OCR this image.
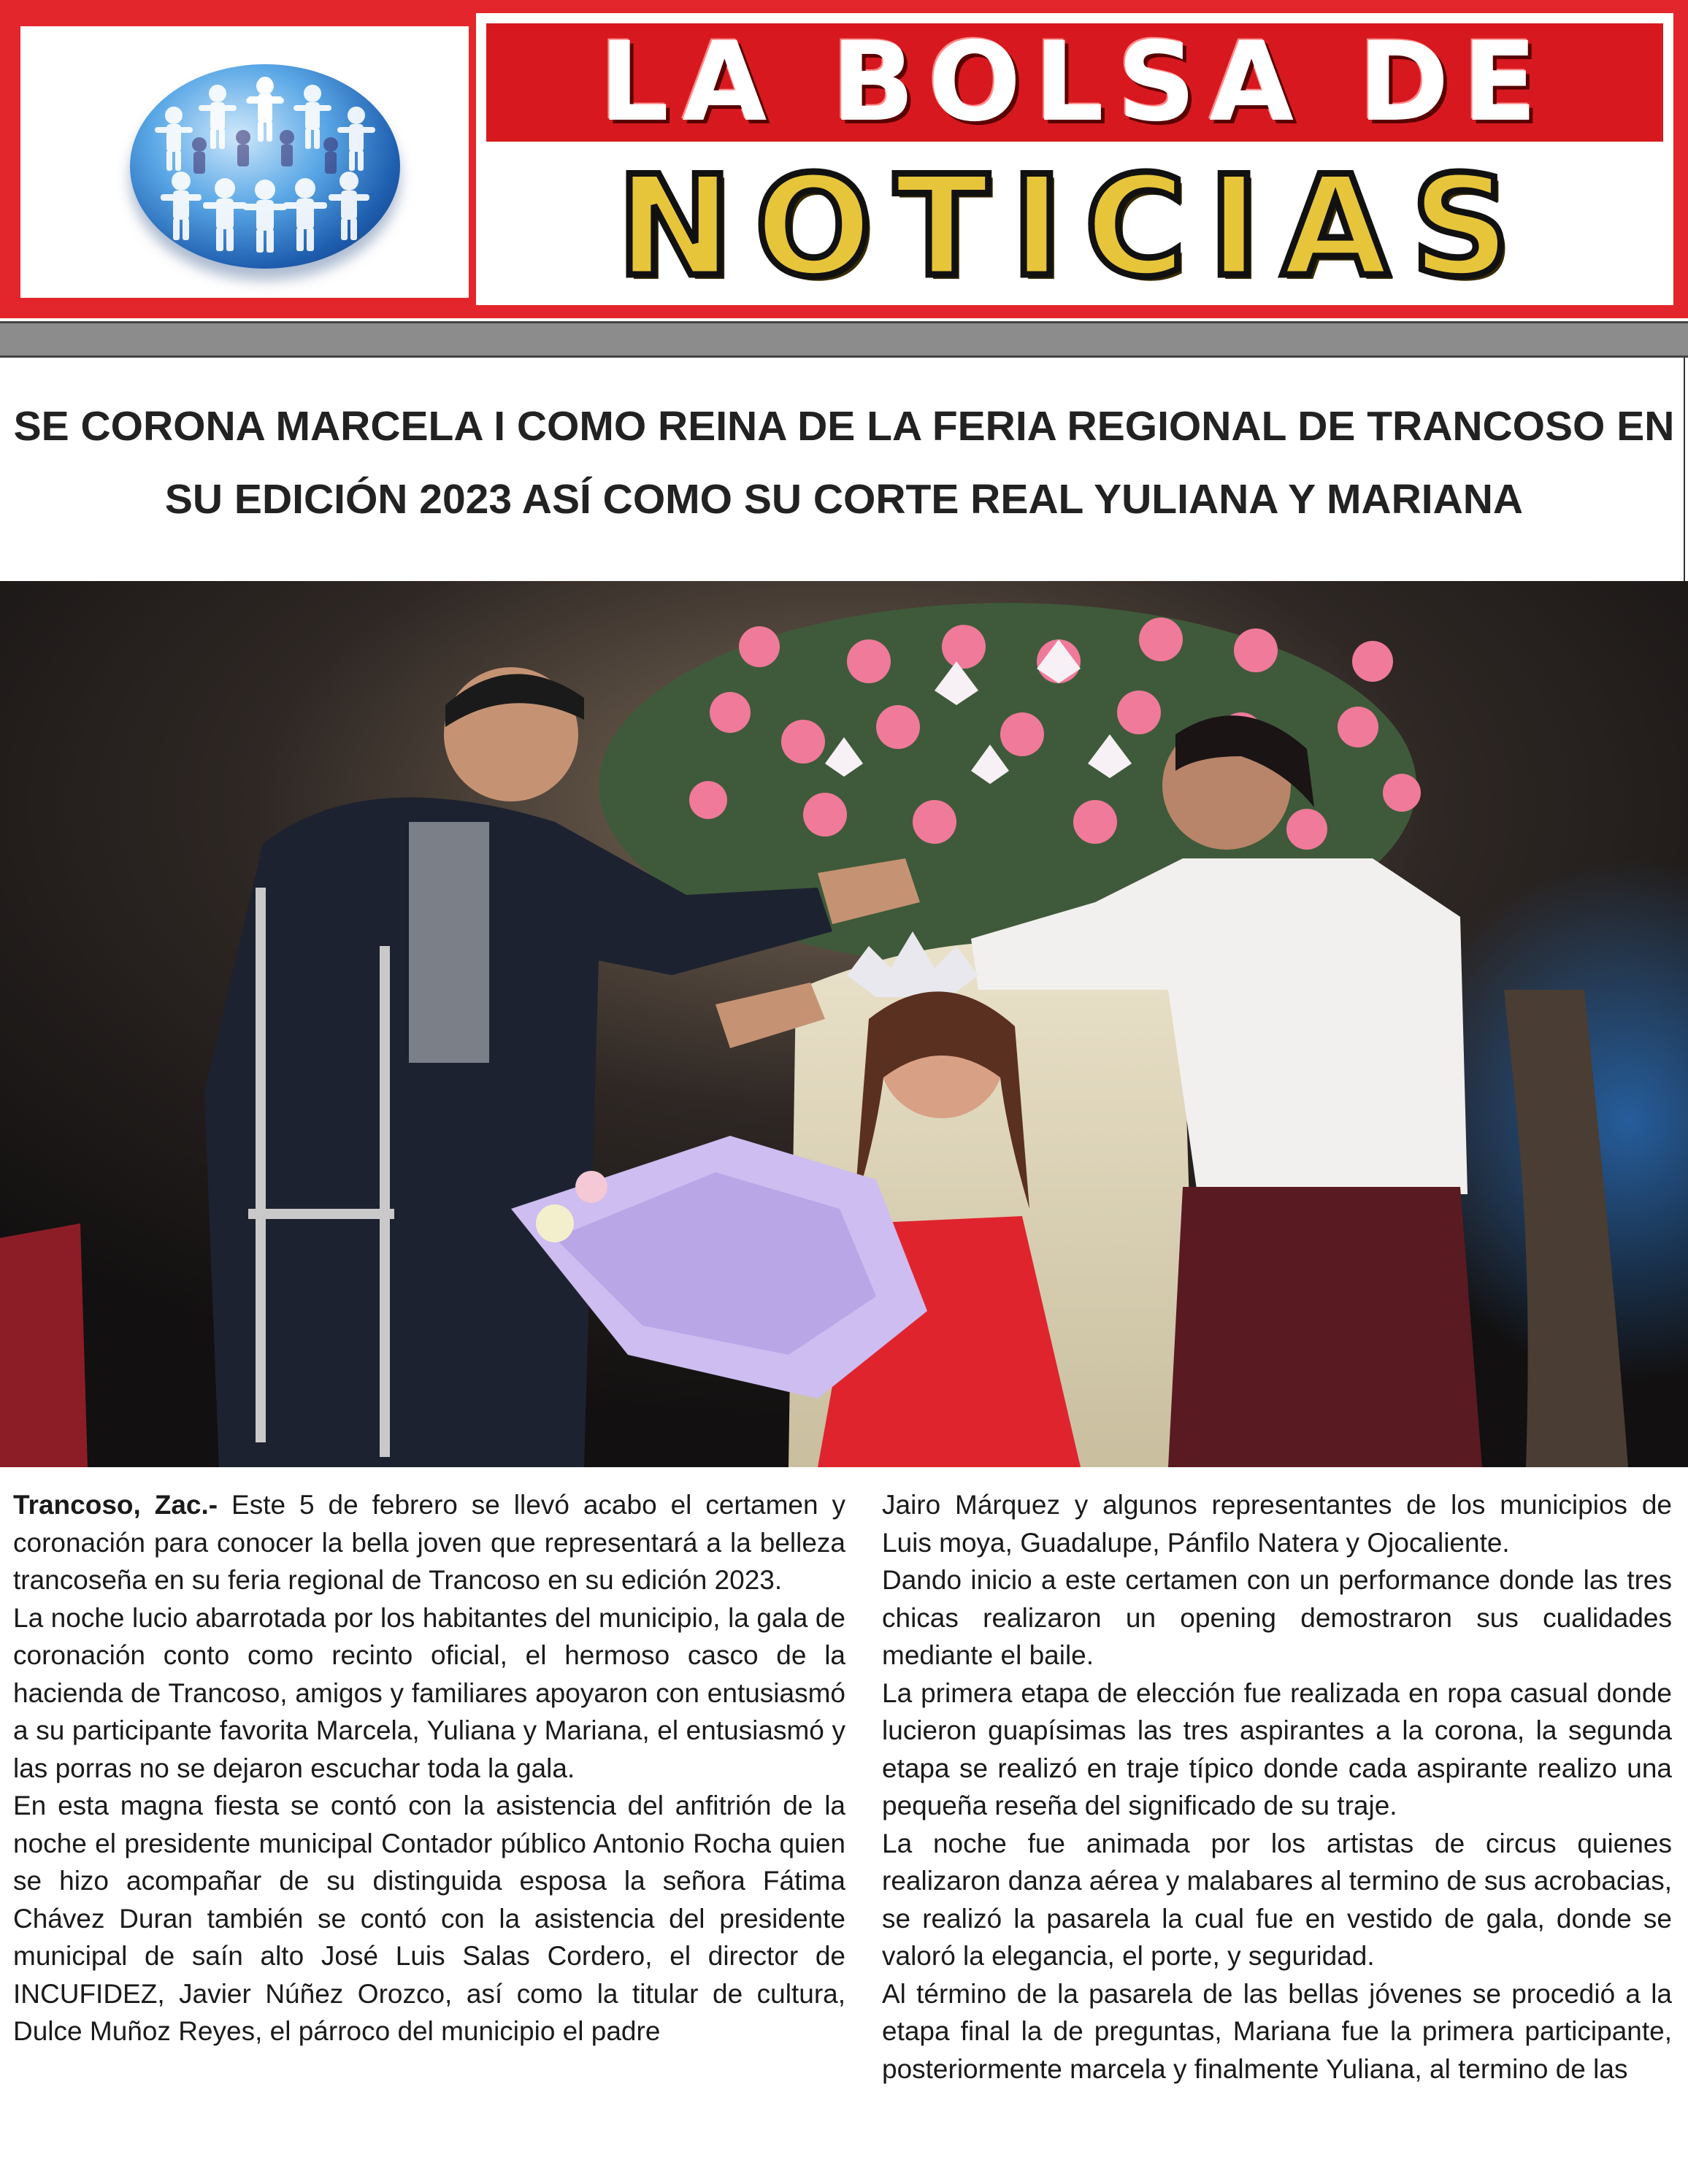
LA BOLSA DE
NOTICIAS
SE CORONA MARCELA I COMO REINA DE LA FERIA REGIONAL DE TRANCOSO EN
SU EDICIÓN 2023 ASÍ COMO SU CORTE REAL YULIANA Y MARIANA

Trancoso, Zac.- Este 5 de febrero se llevó acabo el certamen y coronación para conocer la bella joven que representará a la belleza trancoseña en su feria regional de Trancoso en su edición 2023.

La noche lucio abarrotada por los habitantes del municipio, la gala de coronación conto como recinto oficial, el hermoso casco de la hacienda de Trancoso, amigos y familiares apoyaron con entusiasmó a su participante favorita Marcela, Yuliana y Mariana, el entusiasmó y las porras no se dejaron escuchar toda la gala.

En esta magna fiesta se contó con la asistencia del anfitrión de la noche el presidente municipal Contador público Antonio Rocha quien se hizo acompañar de su distinguida esposa la señora Fátima Chávez Duran también se contó con la asistencia del presidente municipal de saín alto José Luis Salas Cordero, el director de INCUFIDEZ, Javier Núñez Orozco, así como la titular de cultura, Dulce Muñoz Reyes, el párroco del municipio el padre

Jairo Márquez y algunos representantes de los municipios de Luis moya, Guadalupe, Pánfilo Natera y Ojocaliente.

Dando inicio a este certamen con un performance donde las tres chicas realizaron un opening demostraron sus cualidades mediante el baile.

La primera etapa de elección fue realizada en ropa casual donde lucieron guapísimas las tres aspirantes a la corona, la segunda etapa se realizó en traje típico donde cada aspirante realizo una pequeña reseña del significado de su traje.

La noche fue animada por los artistas de circus quienes realizaron danza aérea y malabares al termino de sus acrobacias, se realizó la pasarela la cual fue en vestido de gala, donde se valoró la elegancia, el porte, y seguridad.

Al término de la pasarela de las bellas jóvenes se procedió a la etapa final la de preguntas, Mariana fue la primera participante, posteriormente marcela y finalmente Yuliana, al termino de las
